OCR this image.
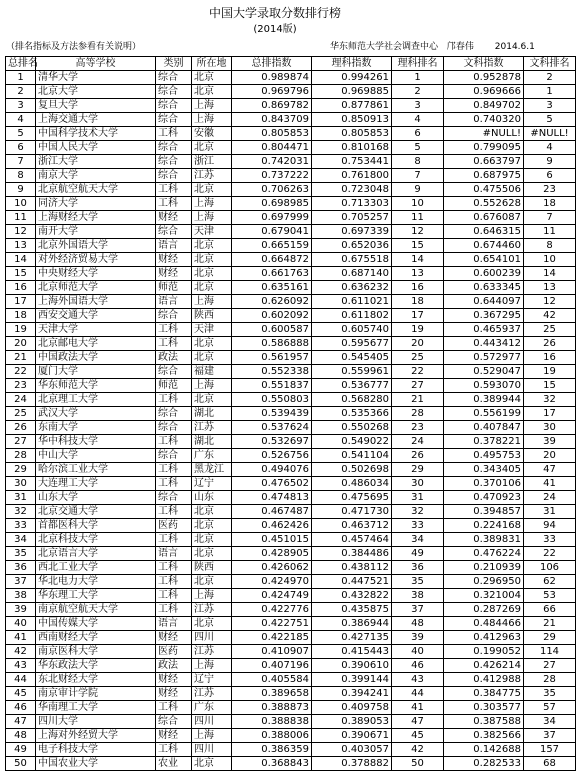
中国大学录取分数排行榜
(2014版)
（排名指标及方法参看有关说明）	华东师范大学社会调查中心 邝春伟 2014.6.1
总排名	高等学校	类别	所在地	总排指数	理科指数	理科排名	文科指数	文科排名
1	清华大学	综合	北京	0.989874	0.994261	1	0.952878	2
2	北京大学	综合	北京	0.969796	0.969885	2	0.969666	1
3	复旦大学	综合	上海	0.869782	0.877861	3	0.849702	3
4	上海交通大学	综合	上海	0.843709	0.850913	4	0.740320	5
5	中国科学技术大学	工科	安徽	0.805853	0.805853	6	#NULL!	#NULL!
6	中国人民大学	综合	北京	0.804471	0.810168	5	0.799095	4
7	浙江大学	综合	浙江	0.742031	0.753441	8	0.663797	9
8	南京大学	综合	江苏	0.737222	0.761800	7	0.687975	6
9	北京航空航天大学	工科	北京	0.706263	0.723048	9	0.475506	23
10	同济大学	工科	上海	0.698985	0.713303	10	0.552628	18
11	上海财经大学	财经	上海	0.697999	0.705257	11	0.676087	7
12	南开大学	综合	天津	0.679041	0.697339	12	0.646315	11
13	北京外国语大学	语言	北京	0.665159	0.652036	15	0.674460	8
14	对外经济贸易大学	财经	北京	0.664872	0.675518	14	0.654101	10
15	中央财经大学	财经	北京	0.661763	0.687140	13	0.600239	14
16	北京师范大学	师范	北京	0.635161	0.636232	16	0.633345	13
17	上海外国语大学	语言	上海	0.626092	0.611021	18	0.644097	12
18	西安交通大学	综合	陕西	0.602092	0.611802	17	0.367295	42
19	天津大学	工科	天津	0.600587	0.605740	19	0.465937	25
20	北京邮电大学	工科	北京	0.586888	0.595677	20	0.443412	26
21	中国政法大学	政法	北京	0.561957	0.545405	25	0.572977	16
22	厦门大学	综合	福建	0.552338	0.559961	22	0.529047	19
23	华东师范大学	师范	上海	0.551837	0.536777	27	0.593070	15
24	北京理工大学	工科	北京	0.550803	0.568280	21	0.389944	32
25	武汉大学	综合	湖北	0.539439	0.535366	28	0.556199	17
26	东南大学	综合	江苏	0.537624	0.550268	23	0.407847	30
27	华中科技大学	工科	湖北	0.532697	0.549022	24	0.378221	39
28	中山大学	综合	广东	0.526756	0.541104	26	0.495753	20
29	哈尔滨工业大学	工科	黑龙江	0.494076	0.502698	29	0.343405	47
30	大连理工大学	工科	辽宁	0.476502	0.486034	30	0.370106	41
31	山东大学	综合	山东	0.474813	0.475695	31	0.470923	24
32	北京交通大学	工科	北京	0.467487	0.471730	32	0.394857	31
33	首都医科大学	医药	北京	0.462426	0.463712	33	0.224168	94
34	北京科技大学	工科	北京	0.451015	0.457464	34	0.389831	33
35	北京语言大学	语言	北京	0.428905	0.384486	49	0.476224	22
36	西北工业大学	工科	陕西	0.426062	0.438112	36	0.210939	106
37	华北电力大学	工科	北京	0.424970	0.447521	35	0.296950	62
38	华东理工大学	工科	上海	0.424749	0.432822	38	0.321004	53
39	南京航空航天大学	工科	江苏	0.422776	0.435875	37	0.287269	66
40	中国传媒大学	语言	北京	0.422751	0.386944	48	0.484466	21
41	西南财经大学	财经	四川	0.422185	0.427135	39	0.412963	29
42	南京医科大学	医药	江苏	0.410907	0.415443	40	0.199052	114
43	华东政法大学	政法	上海	0.407196	0.390610	46	0.426214	27
44	东北财经大学	财经	辽宁	0.405584	0.399144	43	0.412988	28
45	南京审计学院	财经	江苏	0.389658	0.394241	44	0.384775	35
46	华南理工大学	工科	广东	0.388873	0.409758	41	0.303577	57
47	四川大学	综合	四川	0.388838	0.389053	47	0.387588	34
48	上海对外经贸大学	财经	上海	0.388006	0.390671	45	0.382566	37
49	电子科技大学	工科	四川	0.386359	0.403057	42	0.142688	157
50	中国农业大学	农业	北京	0.368843	0.378882	50	0.282533	68
